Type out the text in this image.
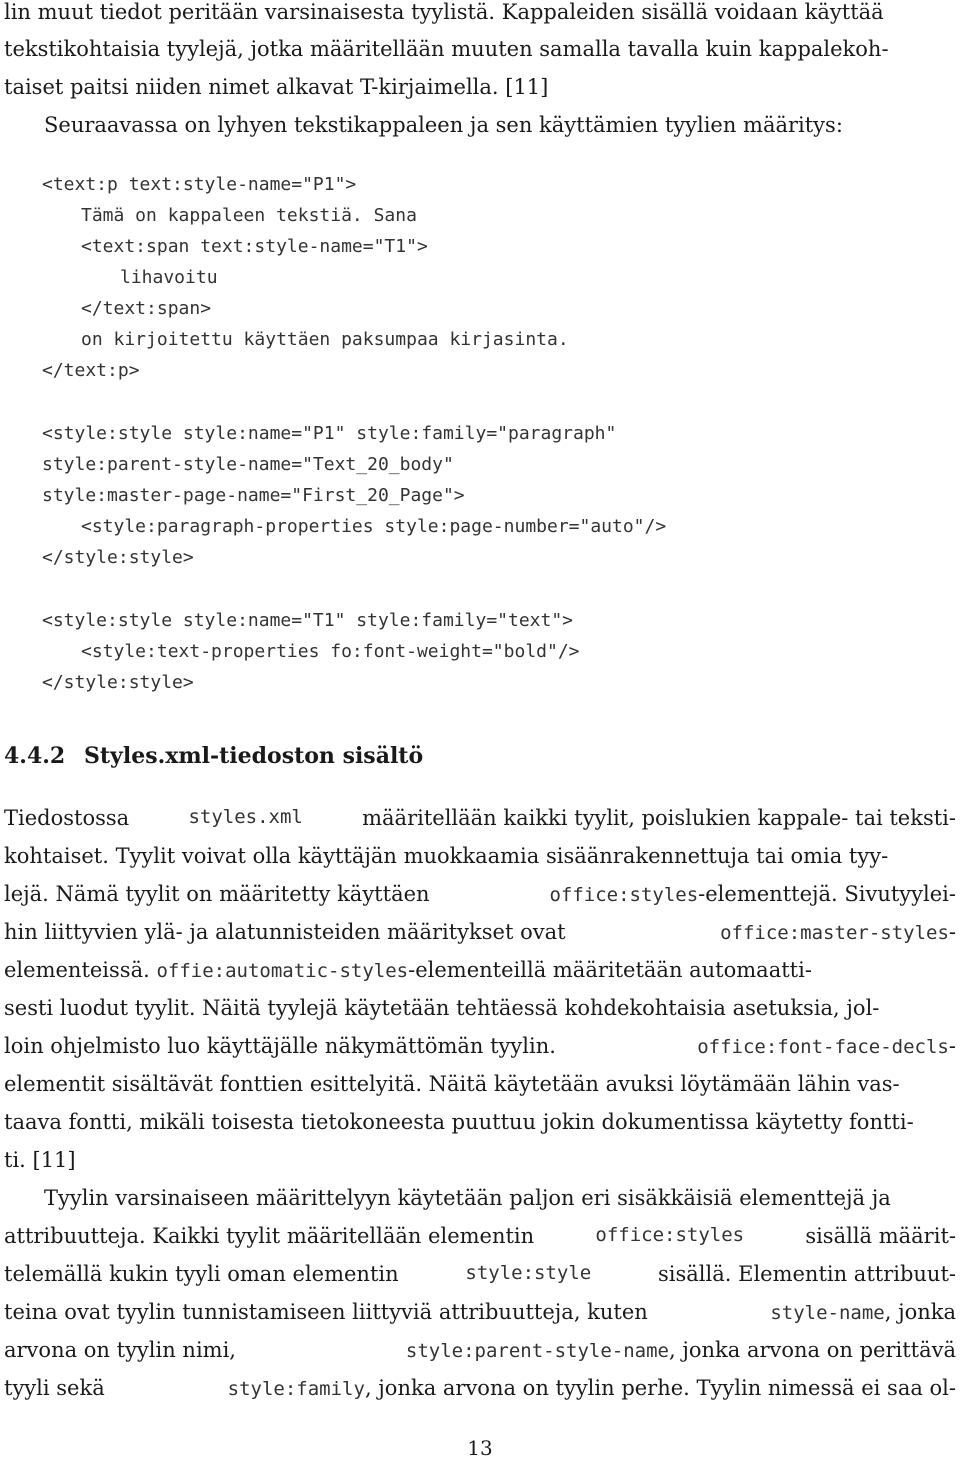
lin muut tiedot peritään varsinaisesta tyylistä. Kappaleiden sisällä voidaan käyttää
tekstikohtaisia tyylejä, jotka määritellään muuten samalla tavalla kuin kappalekoh-
taiset paitsi niiden nimet alkavat T-kirjaimella. [11]
Seuraavassa on lyhyen tekstikappaleen ja sen käyttämien tyylien määritys:
<text:p text:style-name="P1">
Tämä on kappaleen tekstiä. Sana
<text:span text:style-name="T1">
lihavoitu
</text:span>
on kirjoitettu käyttäen paksumpaa kirjasinta.
</text:p>
<style:style style:name="P1" style:family="paragraph"
style:parent-style-name="Text_20_body"
style:master-page-name="First_20_Page">
<style:paragraph-properties style:page-number="auto"/>
</style:style>
<style:style style:name="T1" style:family="text">
<style:text-properties fo:font-weight="bold"/>
</style:style>
4.4.2 Styles.xml-tiedoston sisältö
Tiedostossa	styles.xml	määritellään kaikki tyylit, poislukien kappale- tai teksti-
kohtaiset. Tyylit voivat olla käyttäjän muokkaamia sisäänrakennettuja tai omia tyy-
lejä. Nämä tyylit on määritetty käyttäen	office:styles-elementtejä. Sivutyylei-
hin liittyvien ylä- ja alatunnisteiden määritykset ovat	office:master-styles-
elementeissä. offie:automatic-styles-elementeillä määritetään automaatti-
sesti luodut tyylit. Näitä tyylejä käytetään tehtäessä kohdekohtaisia asetuksia, jol-
loin ohjelmisto luo käyttäjälle näkymättömän tyylin.	office:font-face-decls-
elementit sisältävät fonttien esittelyitä. Näitä käytetään avuksi löytämään lähin vas-
taava fontti, mikäli toisesta tietokoneesta puuttuu jokin dokumentissa käytetty fontti-
ti. [11]
Tyylin varsinaiseen määrittelyyn käytetään paljon eri sisäkkäisiä elementtejä ja
attribuutteja. Kaikki tyylit määritellään elementin	office:styles	sisällä määrit-
telemällä kukin tyyli oman elementin	style:style	sisällä. Elementin attribuut-
teina ovat tyylin tunnistamiseen liittyviä attribuutteja, kuten	style-name, jonka
arvona on tyylin nimi,	style:parent-style-name, jonka arvona on perittävä
tyyli sekä	style:family, jonka arvona on tyylin perhe. Tyylin nimessä ei saa ol-
13
